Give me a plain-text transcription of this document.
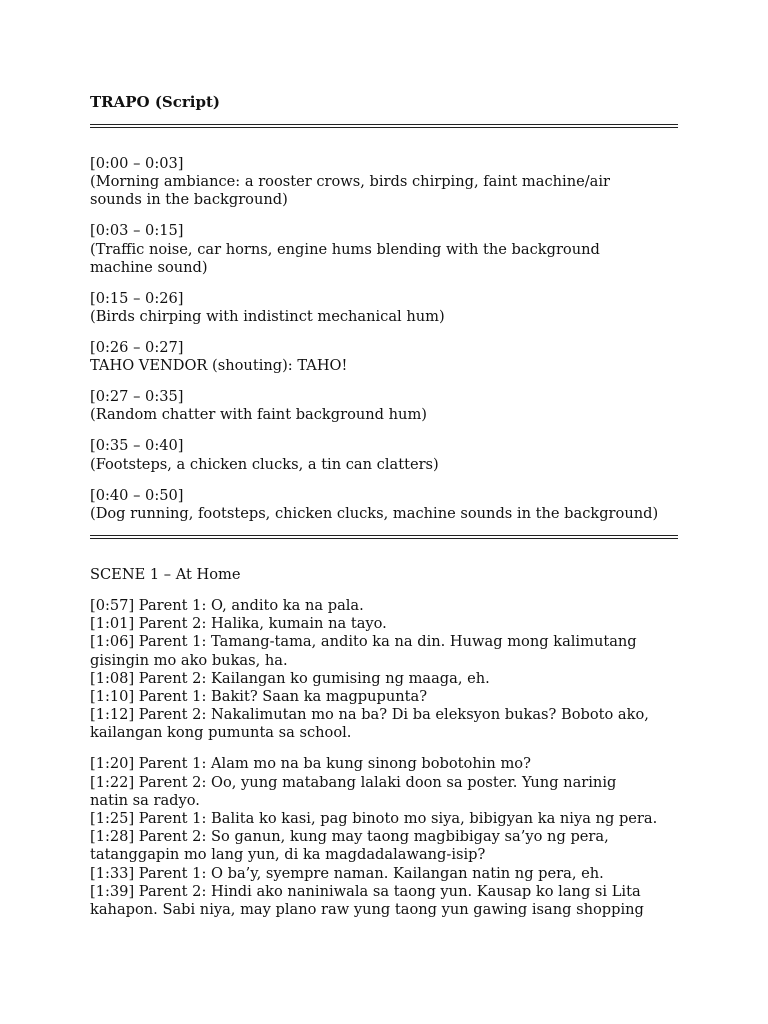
TRAPO (Script)
[0:00 – 0:03]
(Morning ambiance: a rooster crows, birds chirping, faint machine/air
sounds in the background)
[0:03 – 0:15]
(Traffic noise, car horns, engine hums blending with the background
machine sound)
[0:15 – 0:26]
(Birds chirping with indistinct mechanical hum)
[0:26 – 0:27]
TAHO VENDOR (shouting): TAHO!
[0:27 – 0:35]
(Random chatter with faint background hum)
[0:35 – 0:40]
(Footsteps, a chicken clucks, a tin can clatters)
[0:40 – 0:50]
(Dog running, footsteps, chicken clucks, machine sounds in the background)
SCENE 1 – At Home
[0:57] Parent 1: O, andito ka na pala.
[1:01] Parent 2: Halika, kumain na tayo.
[1:06] Parent 1: Tamang-tama, andito ka na din. Huwag mong kalimutang
gisingin mo ako bukas, ha.
[1:08] Parent 2: Kailangan ko gumising ng maaga, eh.
[1:10] Parent 1: Bakit? Saan ka magpupunta?
[1:12] Parent 2: Nakalimutan mo na ba? Di ba eleksyon bukas? Boboto ako,
kailangan kong pumunta sa school.
[1:20] Parent 1: Alam mo na ba kung sinong bobotohin mo?
[1:22] Parent 2: Oo, yung matabang lalaki doon sa poster. Yung narinig
natin sa radyo.
[1:25] Parent 1: Balita ko kasi, pag binoto mo siya, bibigyan ka niya ng pera.
[1:28] Parent 2: So ganun, kung may taong magbibigay sa’yo ng pera,
tatanggapin mo lang yun, di ka magdadalawang-isip?
[1:33] Parent 1: O ba’y, syempre naman. Kailangan natin ng pera, eh.
[1:39] Parent 2: Hindi ako naniniwala sa taong yun. Kausap ko lang si Lita
kahapon. Sabi niya, may plano raw yung taong yun gawing isang shopping
